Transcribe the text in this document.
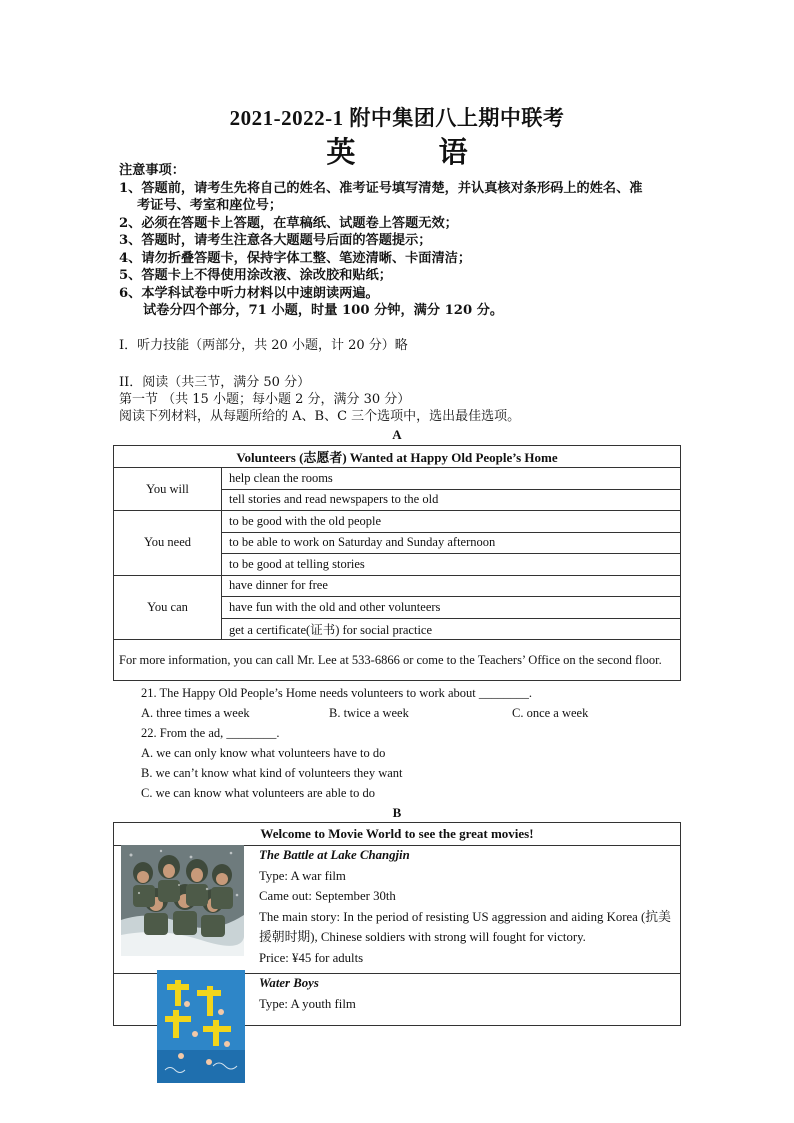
2021-2022-1 附中集团八上期中联考
英 语
注意事项：
1、答题前，请考生先将自己的姓名、准考证号填写清楚，并认真核对条形码上的姓名、准
考证号、考室和座位号；
2、必须在答题卡上答题，在草稿纸、试题卷上答题无效；
3、答题时，请考生注意各大题题号后面的答题提示；
4、请勿折叠答题卡，保持字体工整、笔迹清晰、卡面清洁；
5、答题卡上不得使用涂改液、涂改胶和贴纸；
6、本学科试卷中听力材料以中速朗读两遍。
试卷分四个部分，71 小题，时量 100 分钟，满分 120 分。
I．听力技能（两部分，共 20 小题，计 20 分）略
II．阅读（共三节，满分 50 分）
第一节 （共 15 小题；每小题 2 分，满分 30 分）
阅读下列材料，从每题所给的 A、B、C 三个选项中，选出最佳选项。
A
Volunteers (志愿者) Wanted at Happy Old People’s Home	
You will	help clean the rooms
	tell stories and read newspapers to the old
You need	to be good with the old people
	to be able to work on Saturday and Sunday afternoon
	to be good at telling stories
You can	have dinner for free
	have fun with the old and other volunteers
	get a certificate(证书) for social practice
For more information, you can call Mr. Lee at 533-6866 or come to the Teachers’ Office on the second floor.	
21. The Happy Old People’s Home needs volunteers to work about ________.
A. three times a week	B. twice a week	C. once a week
22. From the ad, ________.
A. we can only know what volunteers have to do
B. we can’t know what kind of volunteers they want
C. we can know what volunteers are able to do
B
Welcome to Movie World to see the great movies!
The Battle at Lake Changjin
Type: A war film
Came out: September 30th
The main story: In the period of resisting US aggression and aiding Korea (抗美援朝时期), Chinese soldiers with strong will fought for victory.
Price: ¥45 for adults
Water Boys
Type: A youth film
